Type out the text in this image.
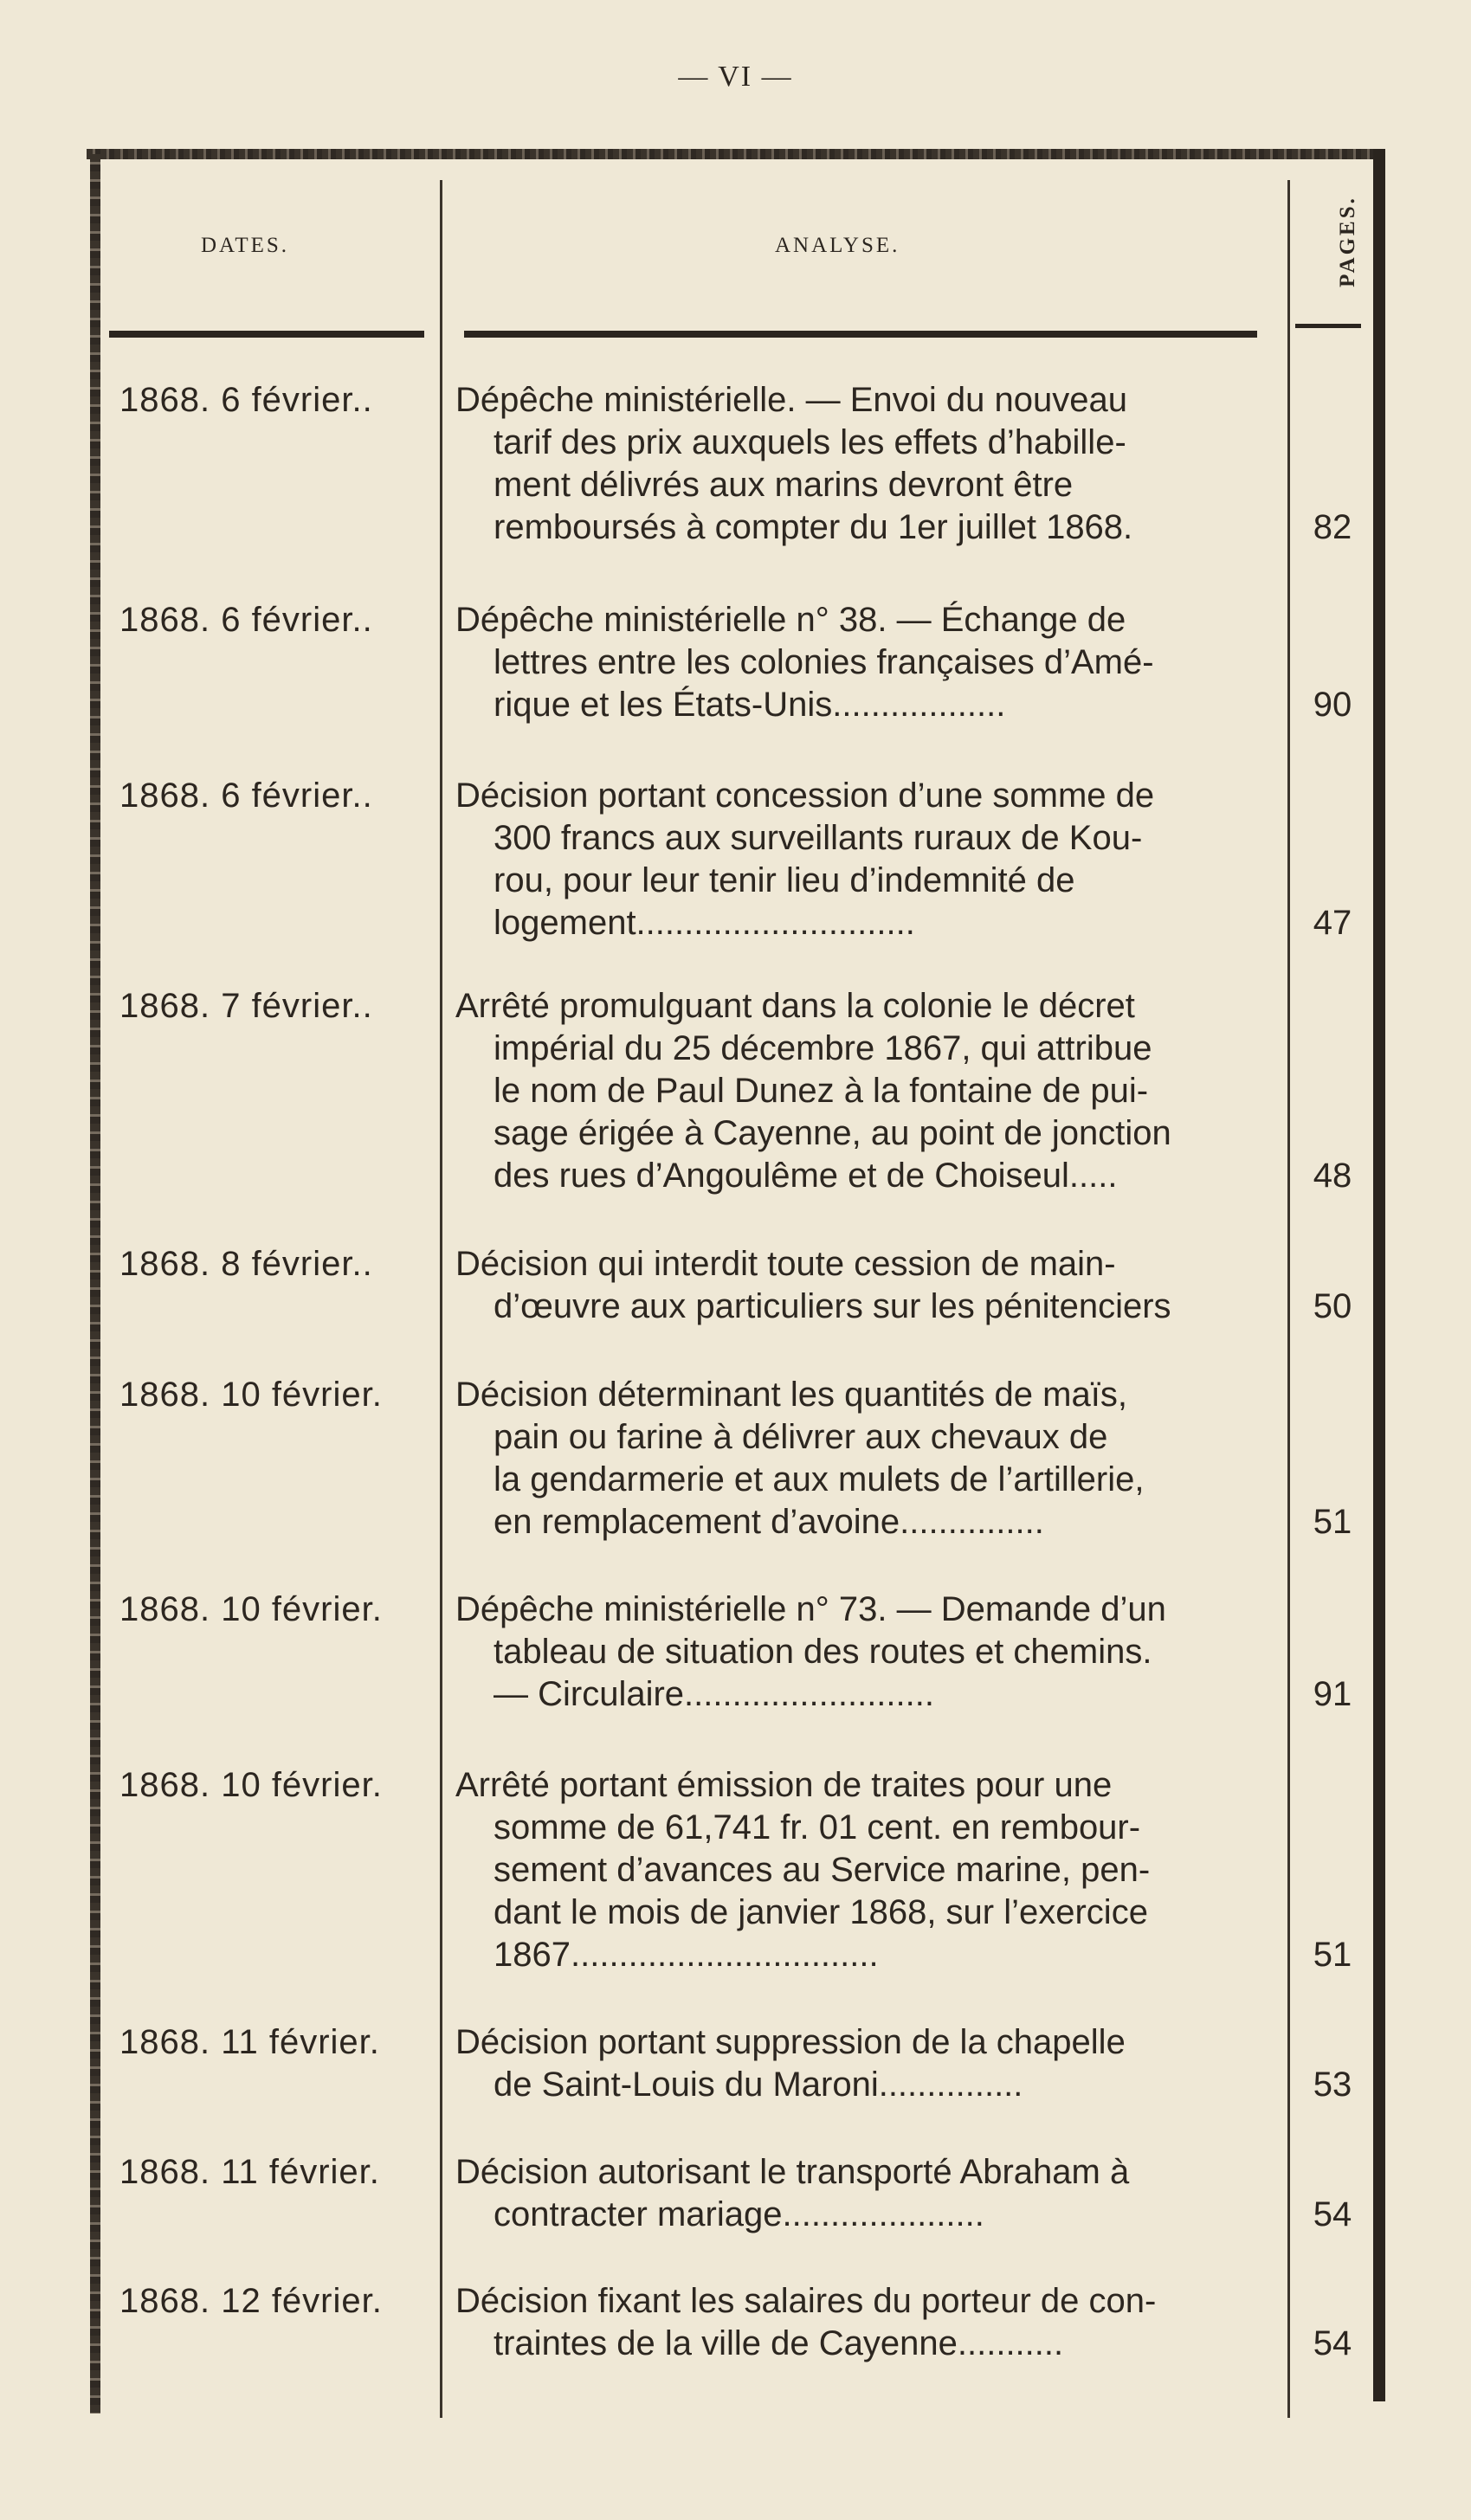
— VI —
DATES.	ANALYSE.	PAGES.
1868. 6 février..	Dépêche ministérielle. — Envoi du nouveau
tarif des prix auxquels les effets d’habille-
ment délivrés aux marins devront être
remboursés à compter du 1er juillet 1868.	82
1868. 6 février..	Dépêche ministérielle n° 38. — Échange de
lettres entre les colonies françaises d’Amé-
rique et les États-Unis..................	90
1868. 6 février..	Décision portant concession d’une somme de
300 francs aux surveillants ruraux de Kou-
rou, pour leur tenir lieu d’indemnité de
logement.............................	47
1868. 7 février..	Arrêté promulguant dans la colonie le décret
impérial du 25 décembre 1867, qui attribue
le nom de Paul Dunez à la fontaine de pui-
sage érigée à Cayenne, au point de jonction
des rues d’Angoulême et de Choiseul.....	48
1868. 8 février..	Décision qui interdit toute cession de main-
d’œuvre aux particuliers sur les pénitenciers	50
1868. 10 février.	Décision déterminant les quantités de maïs,
pain ou farine à délivrer aux chevaux de
la gendarmerie et aux mulets de l’artillerie,
en remplacement d’avoine...............	51
1868. 10 février.	Dépêche ministérielle n° 73. — Demande d’un
tableau de situation des routes et chemins.
— Circulaire..........................	91
1868. 10 février.	Arrêté portant émission de traites pour une
somme de 61,741 fr. 01 cent. en rembour-
sement d’avances au Service marine, pen-
dant le mois de janvier 1868, sur l’exercice
1867................................	51
1868. 11 février.	Décision portant suppression de la chapelle
de Saint-Louis du Maroni...............	53
1868. 11 février.	Décision autorisant le transporté Abraham à
contracter mariage.....................	54
1868. 12 février.	Décision fixant les salaires du porteur de con-
traintes de la ville de Cayenne...........	54
